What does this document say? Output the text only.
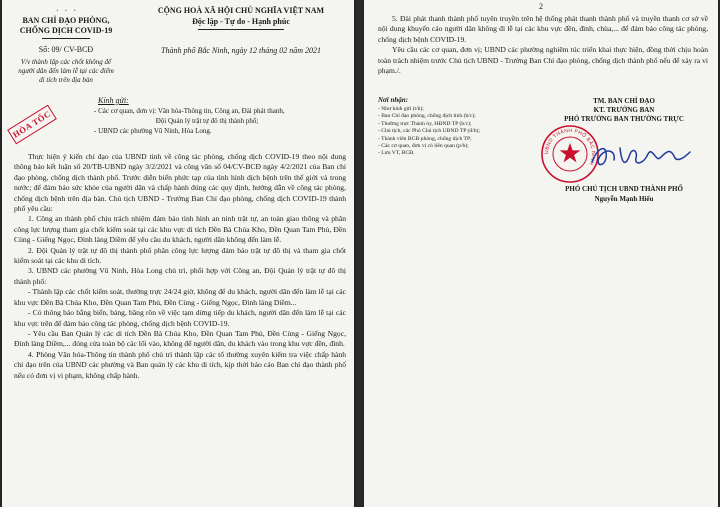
·   ·   ·
BAN CHỈ ĐẠO PHÒNG,
CHỐNG DỊCH COVID-19
Số: 09/ CV-BCĐ
V/v thành lập các chốt không để
người dân đến làm lễ tại các điểm
di tích trên địa bàn
CỘNG HOÀ XÃ HỘI CHỦ NGHĨA VIỆT NAM
Độc lập - Tự do - Hạnh phúc
Thành phố Bắc Ninh, ngày 12 tháng 02 năm 2021
HỎA TỐC
Kính gửi:
- Các cơ quan, đơn vị: Văn hóa-Thông tin, Công an, Đài phát thanh,
Đội Quản lý trật tự đô thị thành phố;
- UBND các phường Vũ Ninh, Hòa Long.

Thực hiện ý kiến chỉ đạo của UBND tỉnh về công tác phòng, chống dịch COVID-19 theo nội dung thông báo kết luận số 20/TB-UBND ngày 3/2/2021 và công văn số 04/CV-BCĐ ngày 4/2/2021 của Ban chỉ đạo phòng, chống dịch thành phố. Trước diễn biến phức tạp của tình hình dịch bệnh trên thế giới và trong nước; để đảm bảo sức khỏe của người dân và chấp hành đúng các quy định, hướng dẫn về công tác phòng, chống dịch bệnh trên địa bàn. Chủ tịch UBND - Trưởng Ban Chỉ đạo phòng, chống dịch COVID-19 thành phố yêu cầu:

1. Công an thành phố chịu trách nhiệm đảm bảo tình hình an ninh trật tự, an toàn giao thông và phân công lực lượng tham gia chốt kiểm soát tại các khu vực di tích Đền Bà Chúa Kho, Đền Quan Tam Phủ, Đền Cùng - Giếng Ngọc, Đình làng Diềm để yêu cầu du khách, người dân không đến làm lễ.

2. Đội Quản lý trật tự đô thị thành phố phân công lực lượng đảm bảo trật tự đô thị và tham gia chốt kiểm soát tại các khu di tích.

3. UBND các phường Vũ Ninh, Hòa Long chủ trì, phối hợp với Công an, Đội Quản lý trật tự đô thị thành phố:

- Thành lập các chốt kiểm soát, thường trực 24/24 giờ, không để du khách, người dân đến làm lễ tại các khu vực Đền Bà Chúa Kho, Đền Quan Tam Phủ, Đền Cùng - Giếng Ngọc, Đình làng Diềm...

- Có thông báo bằng biển, bảng, băng rôn về việc tạm dừng tiếp du khách, người dân đến làm lễ tại các khu vực trên để đảm bảo công tác phòng, chống dịch bệnh COVID-19.

- Yêu cầu Ban Quản lý các di tích Đền Bà Chúa Kho, Đền Quan Tam Phủ, Đền Cùng - Giếng Ngọc, Đình làng Diềm,... đóng cửa toàn bộ các lối vào, không để người dân, du khách vào trong khu vực đền, đình.

4. Phòng Văn hóa-Thông tin thành phố chủ trì thành lập các tổ thường xuyên kiểm tra việc chấp hành chỉ đạo trên của UBND các phường và Ban quản lý các khu di tích, kịp thời báo cáo Ban chỉ đạo thành phố nếu có đơn vị vi phạm, không chấp hành.

2

5. Đài phát thanh thành phố tuyên truyền trên hệ thống phát thanh thành phố và truyền thanh cơ sở về nội dung khuyến cáo người dân không đi lễ tại các khu vực đền, đình, chùa,... để đảm bảo công tác phòng, chống dịch bệnh COVID-19.

Yêu cầu các cơ quan, đơn vị; UBND các phường nghiêm túc triển khai thực hiện, đồng thời chịu hoàn toàn trách nhiệm trước Chủ tịch UBND - Trưởng Ban Chỉ đạo phòng, chống dịch thành phố nếu để xảy ra vi phạm./.

Nơi nhận:
- Như kính gửi (t/h);
- Ban Chỉ đạo phòng, chống dịch tỉnh (b/c);
- Thường trực Thành ủy, HĐND TP (b/c);
- Chủ tịch, các Phó Chủ tịch UBND TP (đ/b);
- Thành viên BCĐ phòng, chống dịch TP;
- Các cơ quan, đơn vị có liên quan (p/h);
- Lưu VT, BCĐ.
TM. BAN CHỈ ĐẠO
KT. TRƯỞNG BAN
PHÓ TRƯỞNG BAN THƯỜNG TRỰC
UBND THÀNH PHỐ BẮC NINH
PHÓ CHỦ TỊCH UBND THÀNH PHỐ
Nguyễn Mạnh Hiếu
